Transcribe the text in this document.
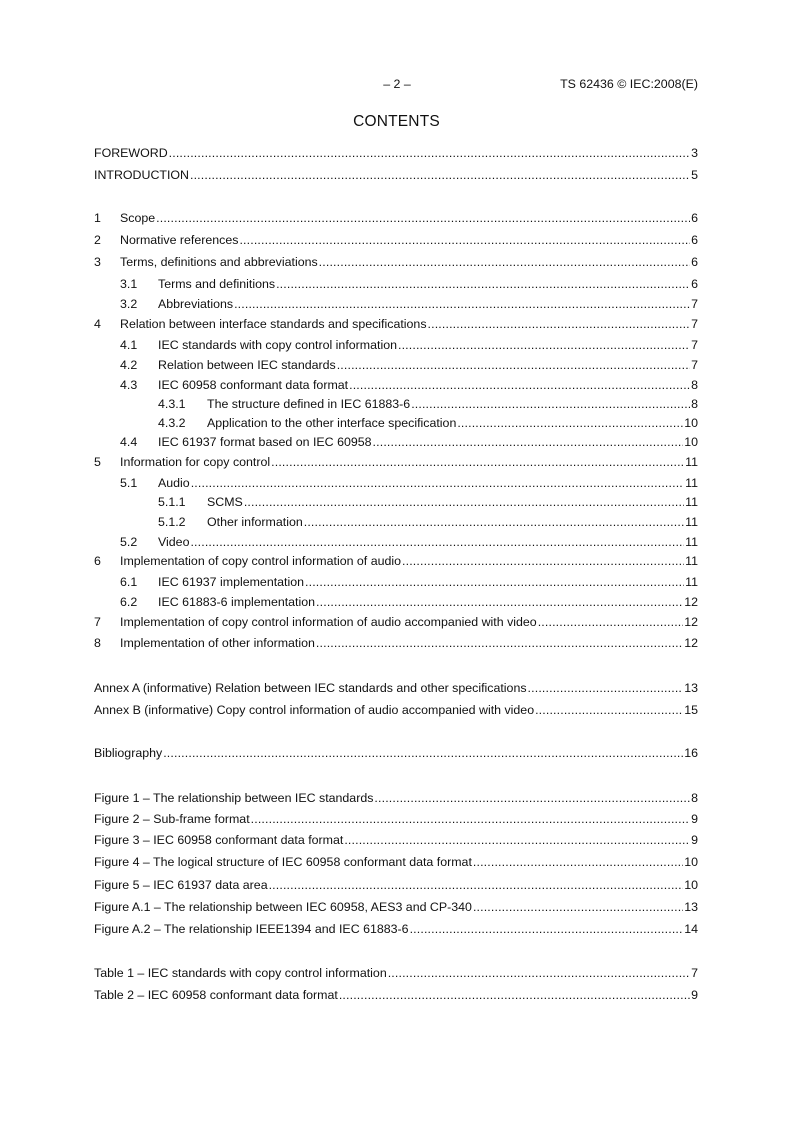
– 2 –	TS 62436 © IEC:2008(E)
CONTENTS
FOREWORD .....	3
INTRODUCTION .....	5
1	Scope .....	6
2	Normative references .....	6
3	Terms, definitions and abbreviations .....	6
3.1	Terms and definitions .....	6
3.2	Abbreviations .....	7
4	Relation between interface standards and specifications .....	7
4.1	IEC standards with copy control information .....	7
4.2	Relation between IEC standards .....	7
4.3	IEC 60958 conformant data format .....	8
4.3.1	The structure defined in IEC 61883-6 .....	8
4.3.2	Application to the other interface specification .....	10
4.4	IEC 61937 format based on IEC 60958 .....	10
5	Information for copy control .....	11
5.1	Audio .....	11
5.1.1	SCMS .....	11
5.1.2	Other information .....	11
5.2	Video .....	11
6	Implementation of copy control information of audio .....	11
6.1	IEC 61937 implementation .....	11
6.2	IEC 61883-6 implementation .....	12
7	Implementation of copy control information of audio accompanied with video .....	12
8	Implementation of other information .....	12
Annex A (informative) Relation between IEC standards and other specifications .....	13
Annex B (informative) Copy control information of audio accompanied with video .....	15
Bibliography .....	16
Figure 1 – The relationship between IEC standards .....	8
Figure 2 – Sub-frame format .....	9
Figure 3 – IEC 60958 conformant data format .....	9
Figure 4 – The logical structure of IEC 60958 conformant data format .....	10
Figure 5 – IEC 61937 data area .....	10
Figure A.1 – The relationship between IEC 60958, AES3 and CP-340 .....	13
Figure A.2 – The relationship IEEE1394 and IEC 61883-6 .....	14
Table 1 – IEC standards with copy control information .....	7
Table 2 – IEC 60958 conformant data format .....	9
